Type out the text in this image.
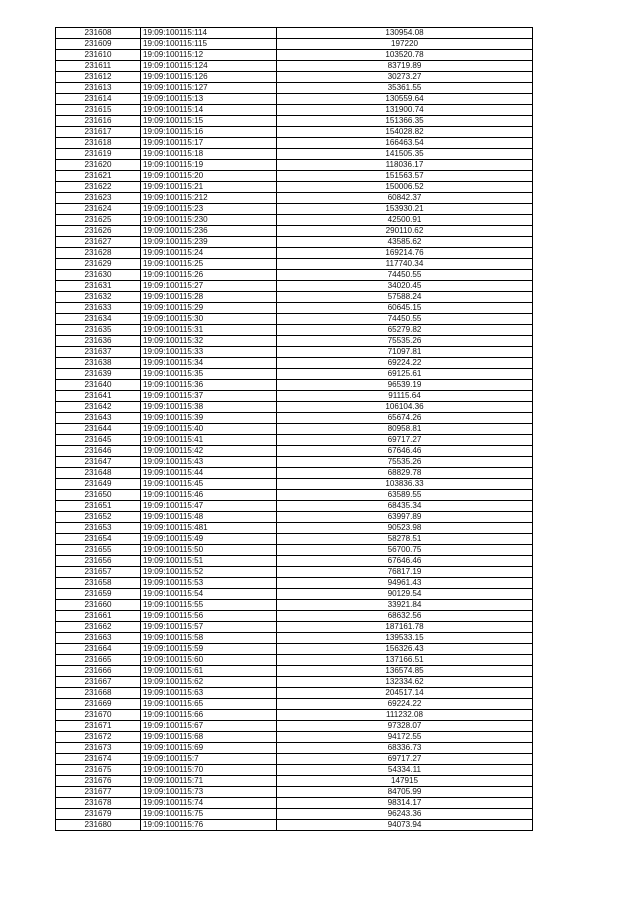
231608	19:09:100115:114	130954.08
231609	19:09:100115:115	197220
231610	19:09:100115:12	103520.78
231611	19:09:100115:124	83719.89
231612	19:09:100115:126	30273.27
231613	19:09:100115:127	35361.55
231614	19:09:100115:13	130559.64
231615	19:09:100115:14	131900.74
231616	19:09:100115:15	151366.35
231617	19:09:100115:16	154028.82
231618	19:09:100115:17	166463.54
231619	19:09:100115:18	141505.35
231620	19:09:100115:19	118036.17
231621	19:09:100115:20	151563.57
231622	19:09:100115:21	150006.52
231623	19:09:100115:212	60842.37
231624	19:09:100115:23	153930.21
231625	19:09:100115:230	42500.91
231626	19:09:100115:236	290110.62
231627	19:09:100115:239	43585.62
231628	19:09:100115:24	169214.76
231629	19:09:100115:25	117740.34
231630	19:09:100115:26	74450.55
231631	19:09:100115:27	34020.45
231632	19:09:100115:28	57588.24
231633	19:09:100115:29	60645.15
231634	19:09:100115:30	74450.55
231635	19:09:100115:31	65279.82
231636	19:09:100115:32	75535.26
231637	19:09:100115:33	71097.81
231638	19:09:100115:34	69224.22
231639	19:09:100115:35	69125.61
231640	19:09:100115:36	96539.19
231641	19:09:100115:37	91115.64
231642	19:09:100115:38	106104.36
231643	19:09:100115:39	65674.26
231644	19:09:100115:40	80958.81
231645	19:09:100115:41	69717.27
231646	19:09:100115:42	67646.46
231647	19:09:100115:43	75535.26
231648	19:09:100115:44	68829.78
231649	19:09:100115:45	103836.33
231650	19:09:100115:46	63589.55
231651	19:09:100115:47	68435.34
231652	19:09:100115:48	63997.89
231653	19:09:100115:481	90523.98
231654	19:09:100115:49	58278.51
231655	19:09:100115:50	56700.75
231656	19:09:100115:51	67646.46
231657	19:09:100115:52	76817.19
231658	19:09:100115:53	94961.43
231659	19:09:100115:54	90129.54
231660	19:09:100115:55	33921.84
231661	19:09:100115:56	68632.56
231662	19:09:100115:57	187161.78
231663	19:09:100115:58	139533.15
231664	19:09:100115:59	156326.43
231665	19:09:100115:60	137166.51
231666	19:09:100115:61	136574.85
231667	19:09:100115:62	132334.62
231668	19:09:100115:63	204517.14
231669	19:09:100115:65	69224.22
231670	19:09:100115:66	111232.08
231671	19:09:100115:67	97328.07
231672	19:09:100115:68	94172.55
231673	19:09:100115:69	68336.73
231674	19:09:100115:7	69717.27
231675	19:09:100115:70	54334.11
231676	19:09:100115:71	147915
231677	19:09:100115:73	84705.99
231678	19:09:100115:74	98314.17
231679	19:09:100115:75	96243.36
231680	19:09:100115:76	94073.94
